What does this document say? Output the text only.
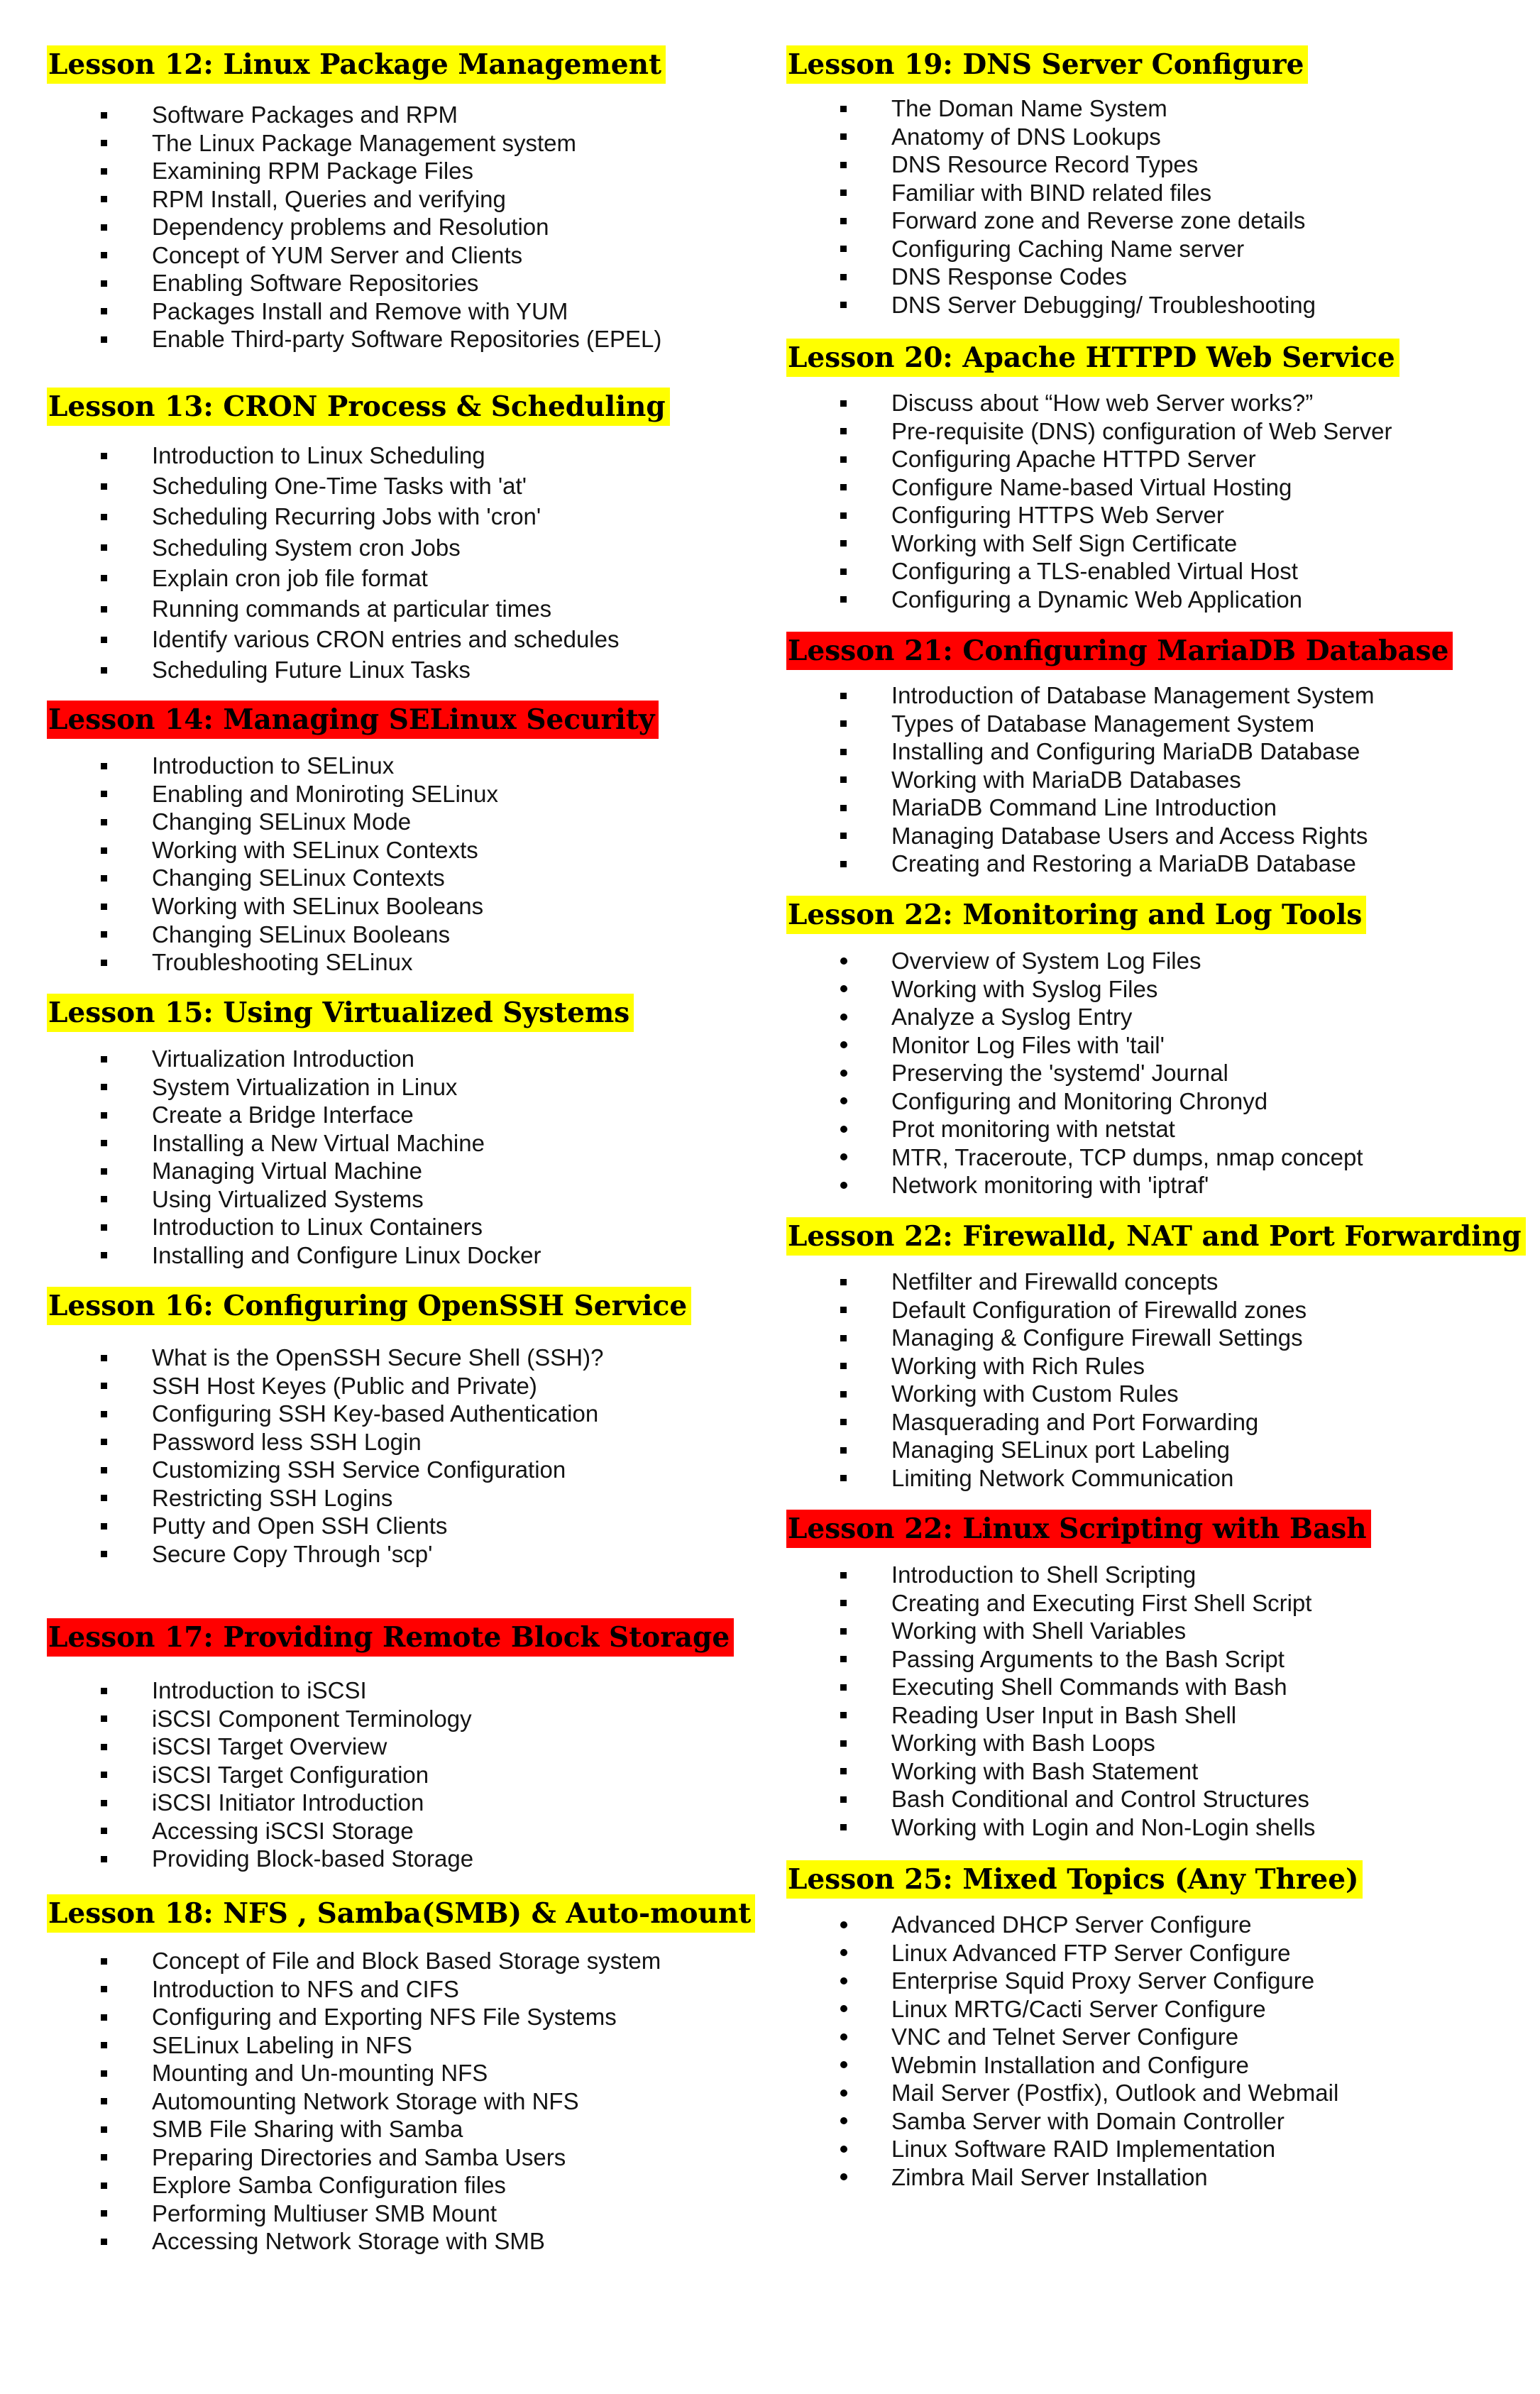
Lesson 12: Linux Package Management
Software Packages and RPM
The Linux Package Management system
Examining RPM Package Files
RPM Install, Queries and verifying
Dependency problems and Resolution
Concept of YUM Server and Clients
Enabling Software Repositories
Packages Install and Remove with YUM
Enable Third-party Software Repositories (EPEL)
Lesson 13: CRON Process & Scheduling
Introduction to Linux Scheduling
Scheduling One-Time Tasks with 'at'
Scheduling Recurring Jobs with 'cron'
Scheduling System cron Jobs
Explain cron job file format
Running commands at particular times
Identify various CRON entries and schedules
Scheduling Future Linux Tasks
Lesson 14: Managing SELinux Security
Introduction to SELinux
Enabling and Moniroting SELinux
Changing SELinux Mode
Working with SELinux Contexts
Changing SELinux Contexts
Working with SELinux Booleans
Changing SELinux Booleans
Troubleshooting SELinux
Lesson 15: Using Virtualized Systems
Virtualization Introduction
System Virtualization in Linux
Create a Bridge Interface
Installing a New Virtual Machine
Managing Virtual Machine
Using Virtualized Systems
Introduction to Linux Containers
Installing and Configure Linux Docker
Lesson 16: Configuring OpenSSH Service
What is the OpenSSH Secure Shell (SSH)?
SSH Host Keyes (Public and Private)
Configuring SSH Key-based Authentication
Password less SSH Login
Customizing SSH Service Configuration
Restricting SSH Logins
Putty and Open SSH Clients
Secure Copy Through 'scp'
Lesson 17: Providing Remote Block Storage
Introduction to iSCSI
iSCSI Component Terminology
iSCSI Target Overview
iSCSI Target Configuration
iSCSI Initiator Introduction
Accessing iSCSI Storage
Providing Block-based Storage
Lesson 18: NFS , Samba(SMB) & Auto-mount
Concept of File and Block Based Storage system
Introduction to NFS and CIFS
Configuring and Exporting NFS File Systems
SELinux Labeling in NFS
Mounting and Un-mounting NFS
Automounting Network Storage with NFS
SMB File Sharing with Samba
Preparing Directories and Samba Users
Explore Samba Configuration files
Performing Multiuser SMB Mount
Accessing Network Storage with SMB
Lesson 19: DNS Server Configure
The Doman Name System
Anatomy of DNS Lookups
DNS Resource Record Types
Familiar with BIND related files
Forward zone and Reverse zone details
Configuring Caching Name server
DNS Response Codes
DNS Server Debugging/ Troubleshooting
Lesson 20: Apache HTTPD Web Service
Discuss about “How web Server works?”
Pre-requisite (DNS) configuration of Web Server
Configuring Apache HTTPD Server
Configure Name-based Virtual Hosting
Configuring HTTPS Web Server
Working with Self Sign Certificate
Configuring a TLS-enabled Virtual Host
Configuring a Dynamic Web Application
Lesson 21: Configuring MariaDB Database
Introduction of Database Management System
Types of Database Management System
Installing and Configuring MariaDB Database
Working with MariaDB Databases
MariaDB Command Line Introduction
Managing Database Users and Access Rights
Creating and Restoring a MariaDB Database
Lesson 22: Monitoring and Log Tools
Overview of System Log Files
Working with Syslog Files
Analyze a Syslog Entry
Monitor Log Files with 'tail'
Preserving the 'systemd' Journal
Configuring and Monitoring Chronyd
Prot monitoring with netstat
MTR, Traceroute, TCP dumps, nmap concept
Network monitoring with 'iptraf'
Lesson 22: Firewalld, NAT and Port Forwarding
Netfilter and Firewalld concepts
Default Configuration of Firewalld zones
Managing & Configure Firewall Settings
Working with Rich Rules
Working with Custom Rules
Masquerading and Port Forwarding
Managing SELinux port Labeling
Limiting Network Communication
Lesson 22: Linux Scripting with Bash
Introduction to Shell Scripting
Creating and Executing First Shell Script
Working with Shell Variables
Passing Arguments to the Bash Script
Executing Shell Commands with Bash
Reading User Input in Bash Shell
Working with Bash Loops
Working with Bash Statement
Bash Conditional and Control Structures
Working with Login and Non-Login shells
Lesson 25: Mixed Topics (Any Three)
Advanced DHCP Server Configure
Linux Advanced FTP Server Configure
Enterprise Squid Proxy Server Configure
Linux MRTG/Cacti Server Configure
VNC and Telnet Server Configure
Webmin Installation and Configure
Mail Server (Postfix), Outlook and Webmail
Samba Server with Domain Controller
Linux Software RAID Implementation
Zimbra Mail Server Installation
